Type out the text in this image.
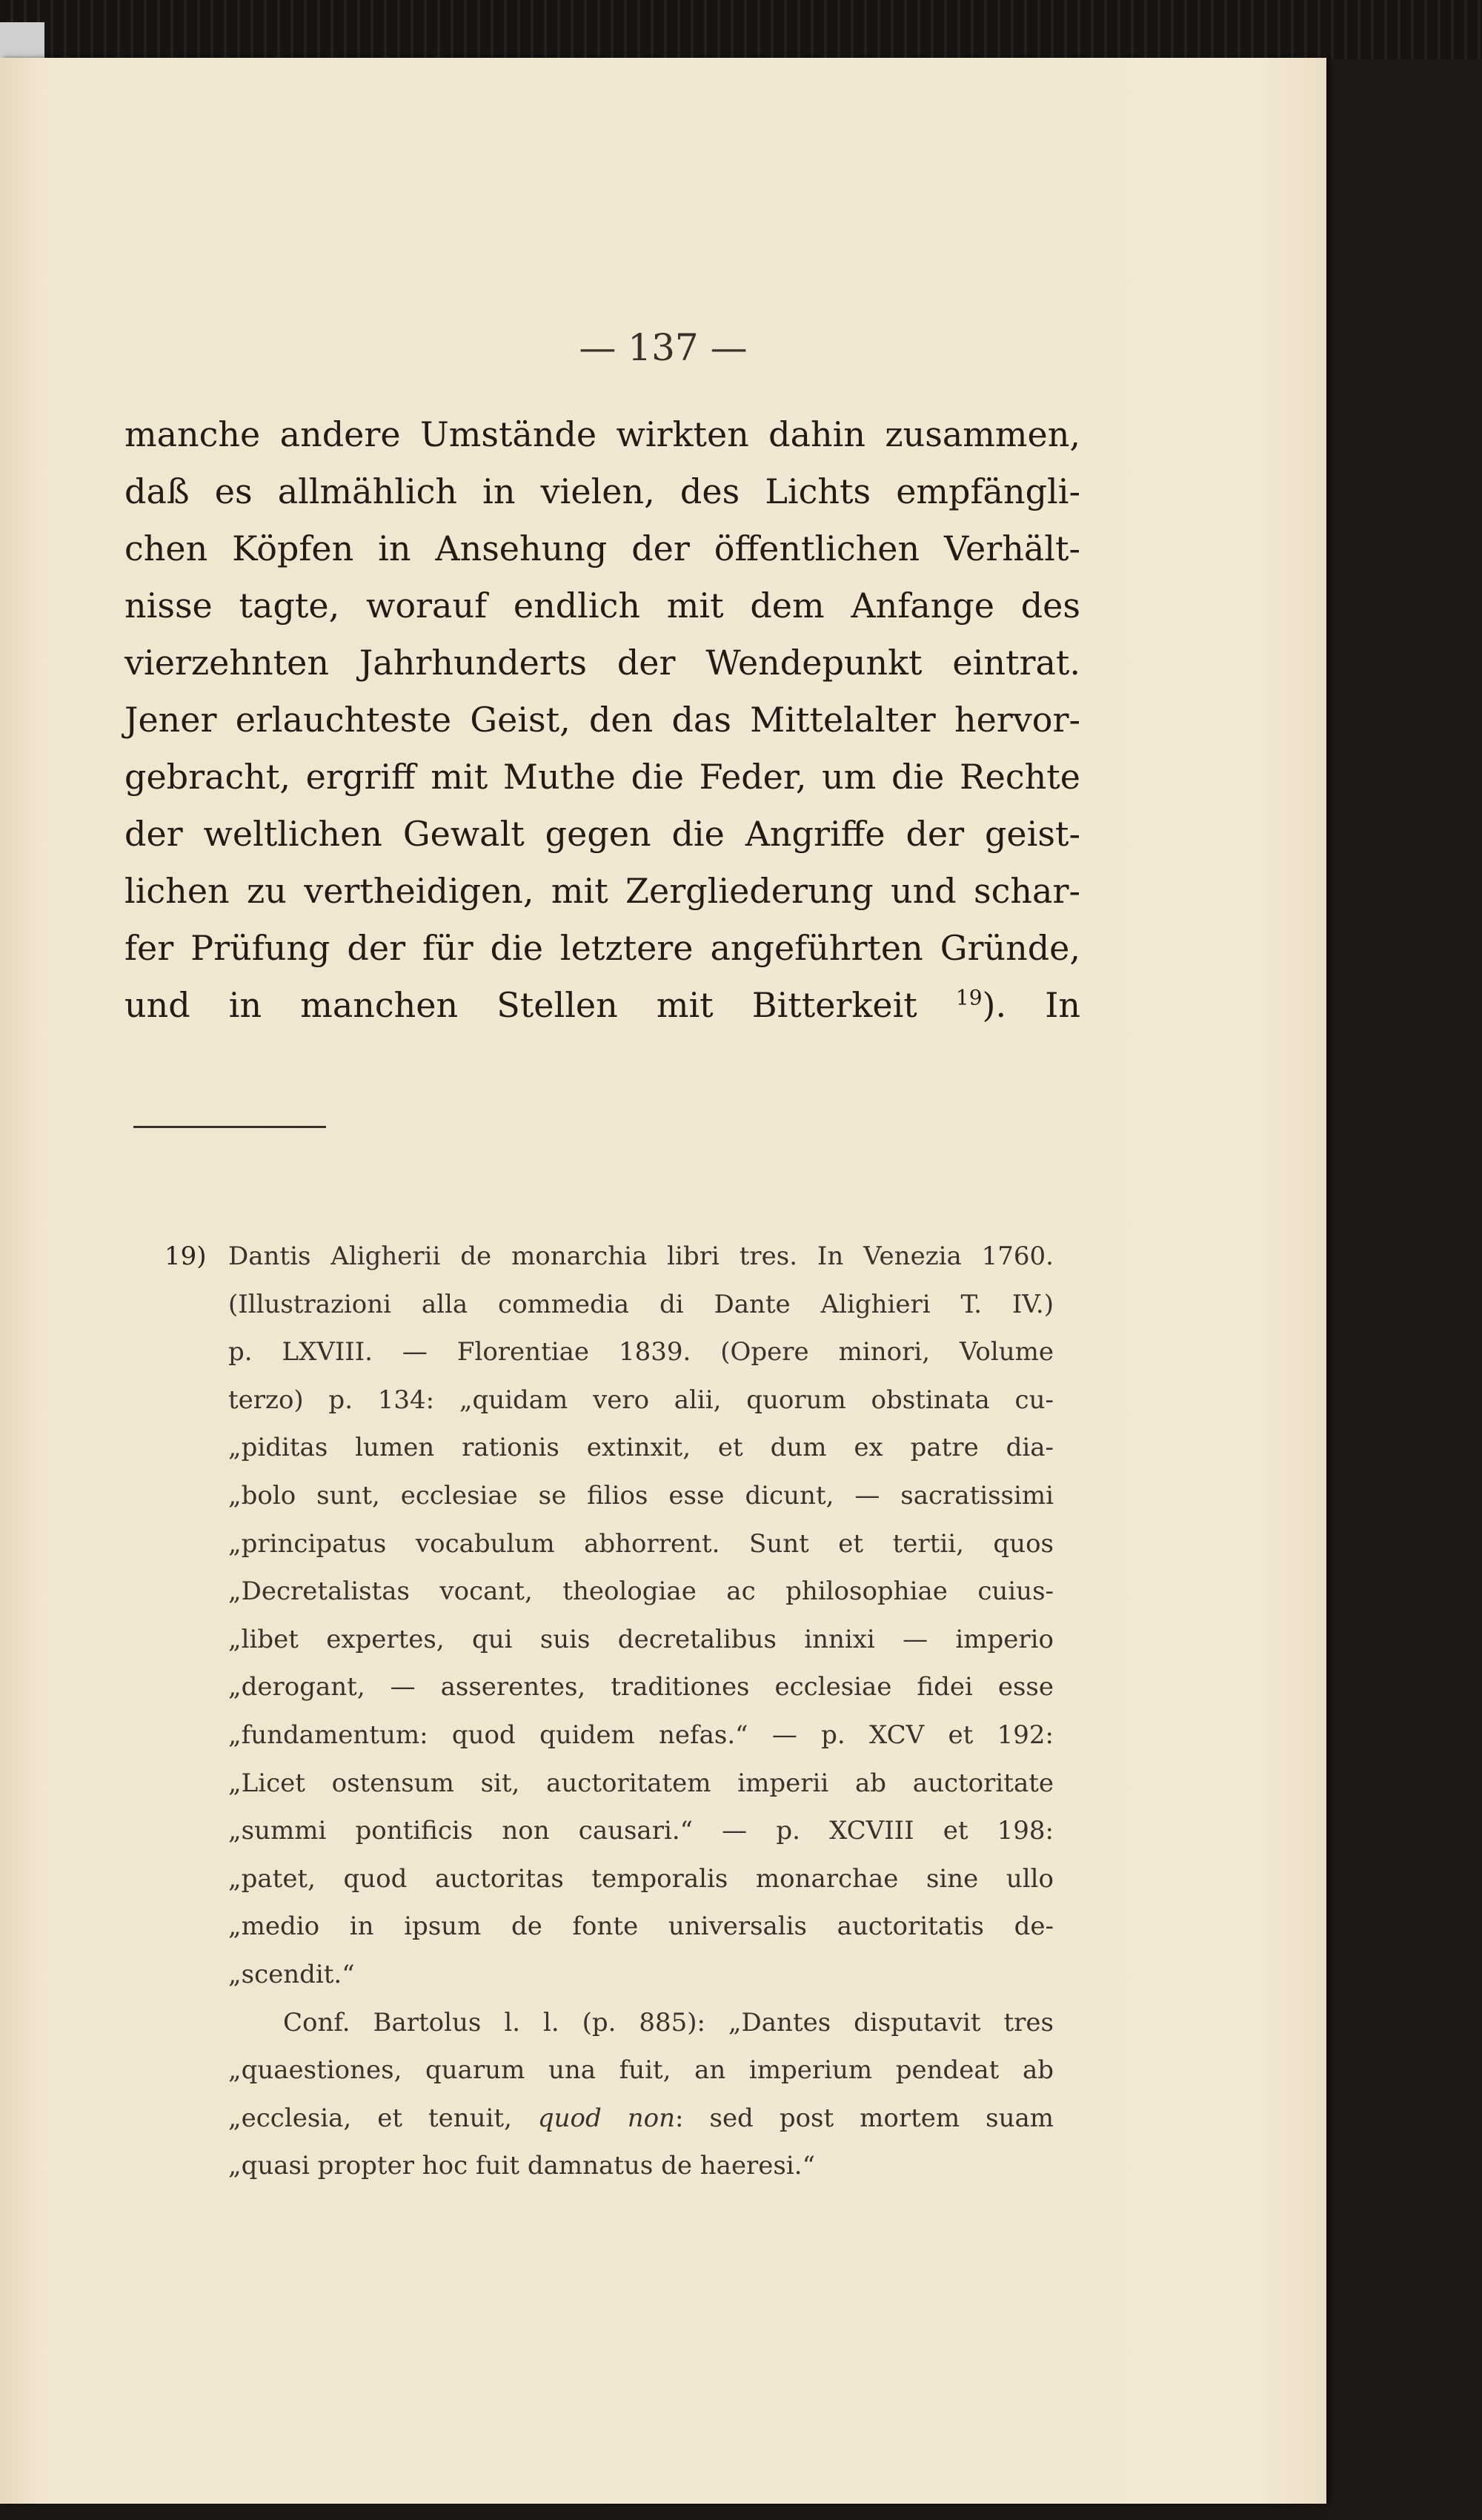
— 137 —

manche andere Umstände wirkten dahin zusammen,
daß es allmählich in vielen, des Lichts empfängli-
chen Köpfen in Ansehung der öffentlichen Verhält-
nisse tagte, worauf endlich mit dem Anfange des
vierzehnten Jahrhunderts der Wendepunkt eintrat.
Jener erlauchteste Geist, den das Mittelalter hervor-
gebracht, ergriff mit Muthe die Feder, um die Rechte
der weltlichen Gewalt gegen die Angriffe der geist-
lichen zu vertheidigen, mit Zergliederung und schar-
fer Prüfung der für die letztere angeführten Gründe,
und in manchen Stellen mit Bitterkeit $^{19}$). In

19) Dantis Aligherii de monarchia libri tres. In Venezia 1760.
(Illustrazioni alla commedia di Dante Alighieri T. IV.)
p. LXVIII. — Florentiae 1839. (Opere minori, Volume
terzo) p. 134: „quidam vero alii, quorum obstinata cu-
„piditas lumen rationis extinxit, et dum ex patre dia-
„bolo sunt, ecclesiae se filios esse dicunt, — sacratissimi
„principatus vocabulum abhorrent. Sunt et tertii, quos
„Decretalistas vocant, theologiae ac philosophiae cuius-
„libet expertes, qui suis decretalibus innixi — imperio
„derogant, — asserentes, traditiones ecclesiae fidei esse
„fundamentum: quod quidem nefas.“ — p. XCV et 192:
„Licet ostensum sit, auctoritatem imperii ab auctoritate
„summi pontificis non causari.“ — p. XCVIII et 198:
„patet, quod auctoritas temporalis monarchae sine ullo
„medio in ipsum de fonte universalis auctoritatis de-
„scendit.“
Conf. Bartolus l. l. (p. 885): „Dantes disputavit tres
„quaestiones, quarum una fuit, an imperium pendeat ab
„ecclesia, et tenuit, quod non: sed post mortem suam
„quasi propter hoc fuit damnatus de haeresi.“
